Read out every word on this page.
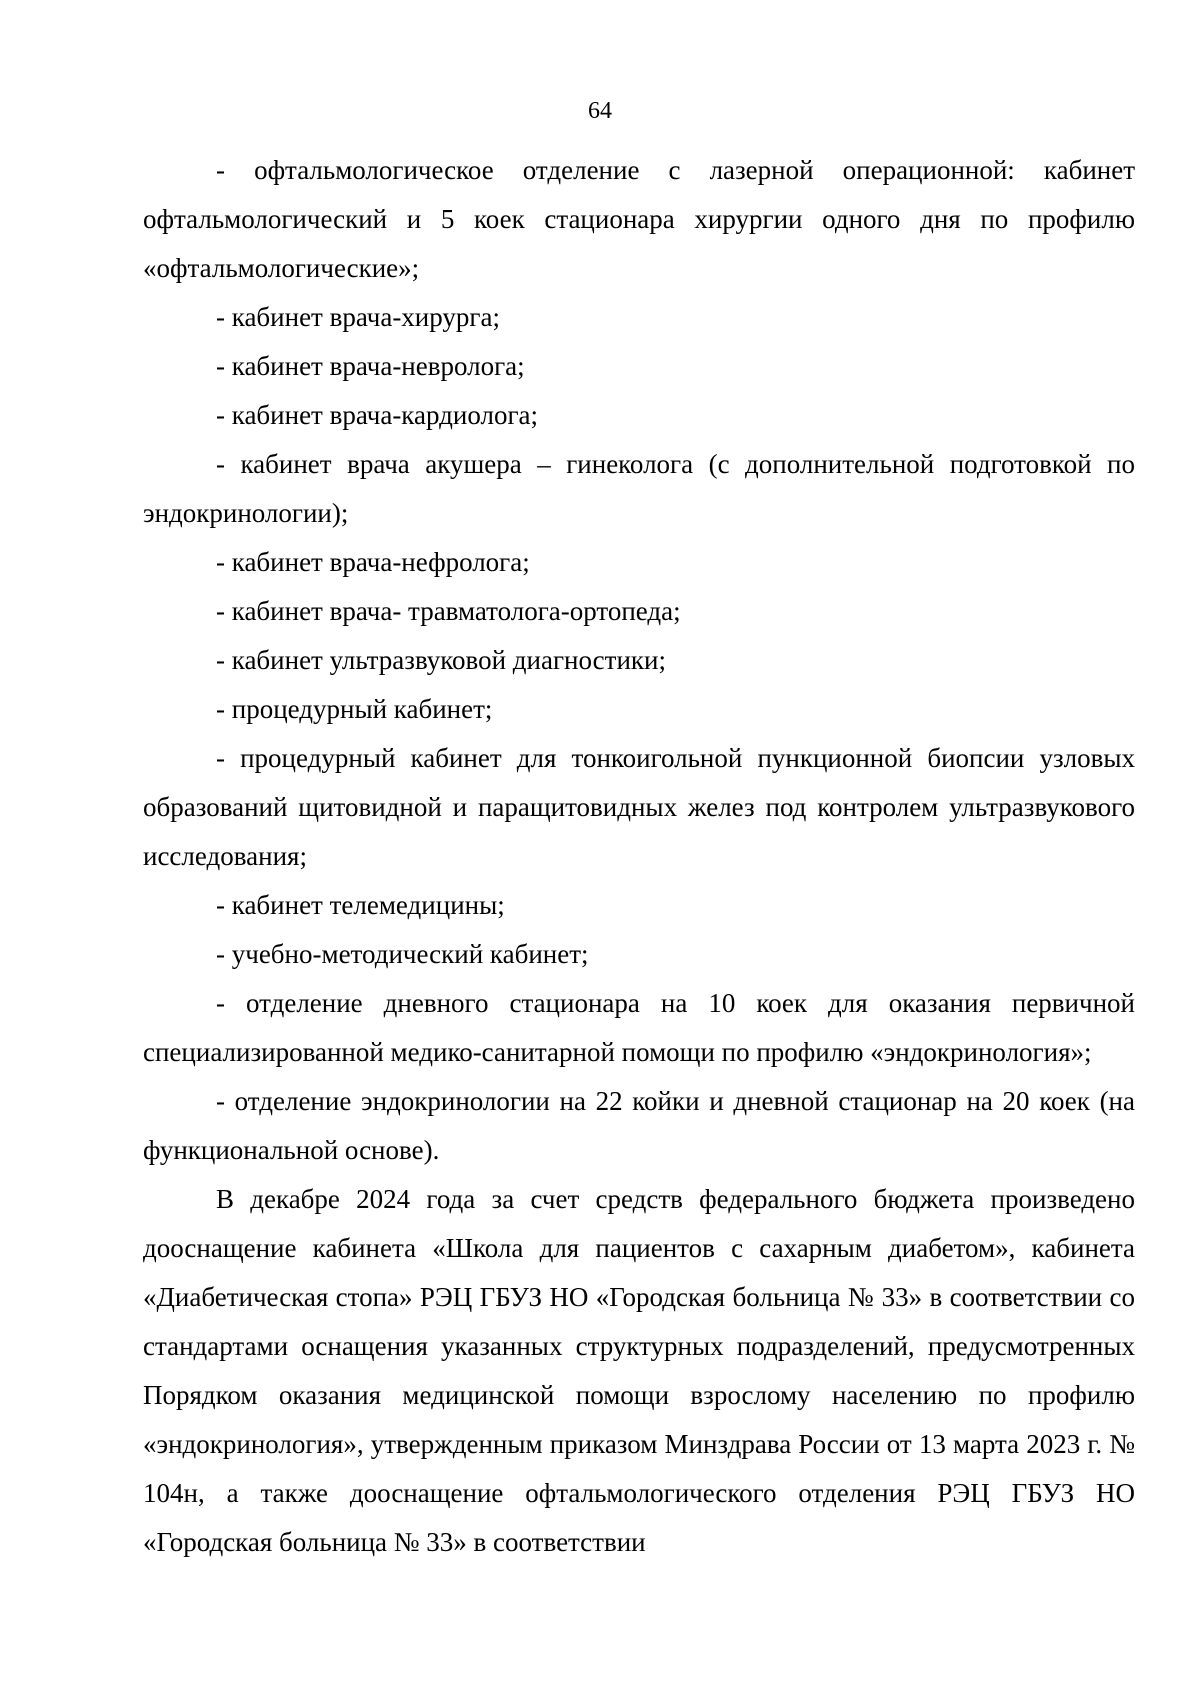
64

- офтальмологическое отделение с лазерной операционной: кабинет офтальмологический и 5 коек стационара хирургии одного дня по профилю «офтальмологические»;

- кабинет врача-хирурга;

- кабинет врача-невролога;

- кабинет врача-кардиолога;

- кабинет врача акушера – гинеколога (с дополнительной подготовкой по эндокринологии);

- кабинет врача-нефролога;

- кабинет врача- травматолога-ортопеда;

- кабинет ультразвуковой диагностики;

- процедурный кабинет;

- процедурный кабинет для тонкоигольной пункционной биопсии узловых образований щитовидной и паращитовидных желез под контролем ультразвукового исследования;

- кабинет телемедицины;

- учебно-методический кабинет;

- отделение дневного стационара на 10 коек для оказания первичной специализированной медико-санитарной помощи по профилю «эндокринология»;

- отделение эндокринологии на 22 койки и дневной стационар на 20 коек (на функциональной основе).

В декабре 2024 года за счет средств федерального бюджета произведено дооснащение кабинета «Школа для пациентов с сахарным диабетом», кабинета «Диабетическая стопа» РЭЦ ГБУЗ НО «Городская больница № 33» в соответствии со стандартами оснащения указанных структурных подразделений, предусмотренных Порядком оказания медицинской помощи взрослому населению по профилю «эндокринология», утвержденным приказом Минздрава России от 13 марта 2023 г. № 104н, а также дооснащение офтальмологического отделения РЭЦ ГБУЗ НО «Городская больница № 33» в соответствии
